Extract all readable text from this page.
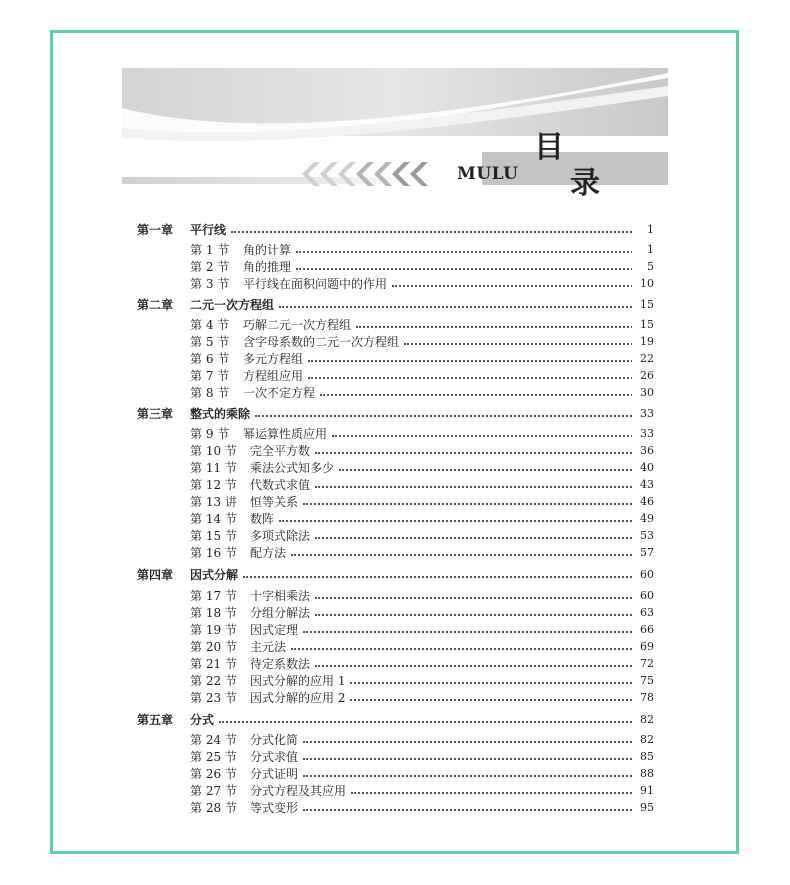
MULU
目
录
第一章 平行线	1
第 1 节 角的计算	1
第 2 节 角的推理	5
第 3 节 平行线在面积问题中的作用	10
第二章 二元一次方程组	15
第 4 节 巧解二元一次方程组	15
第 5 节 含字母系数的二元一次方程组	19
第 6 节 多元方程组	22
第 7 节 方程组应用	26
第 8 节 一次不定方程	30
第三章 整式的乘除	33
第 9 节 幂运算性质应用	33
第 10 节 完全平方数	36
第 11 节 乘法公式知多少	40
第 12 节 代数式求值	43
第 13 讲 恒等关系	46
第 14 节 数阵	49
第 15 节 多项式除法	53
第 16 节 配方法	57
第四章 因式分解	60
第 17 节 十字相乘法	60
第 18 节 分组分解法	63
第 19 节 因式定理	66
第 20 节 主元法	69
第 21 节 待定系数法	72
第 22 节 因式分解的应用 1	75
第 23 节 因式分解的应用 2	78
第五章 分式	82
第 24 节 分式化简	82
第 25 节 分式求值	85
第 26 节 分式证明	88
第 27 节 分式方程及其应用	91
第 28 节 等式变形	95
